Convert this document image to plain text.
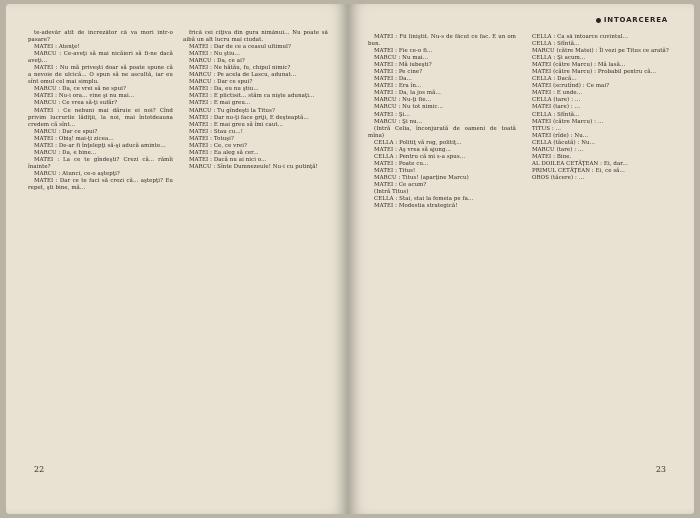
te-adevăr atît de încrezător că va mori într-o pasare?

MATEI : Atenţe!

MARCU : Ce-aveţi să mai nicăieri să fi-ne dacă aveţi...

MATEI : Nu mă priveşti doar să poate spune că a nevoie de ulcică... O spun să ne ascultă, iar eu sînt omul cel mai simplu.

MARCU : Da, ce vrei să ne spui?

MATEI : Nu-i ora... vine şi nu mai...

MARCU : Ce vrea să-ţi sufăr?

MATEI : Ce nebuni mai dăruie ei noi? Cînd privim lucrurile lădiţii, la noi, mai întotdeauna credem că sînt...

MARCU : Dar ce spui?

MATEI : Obiş! mai-ţi zicea...

MATEI : De-ar fi înţelepţi să-şi aducă aminte...

MARCU : Da, e bine...

MATEI : La ce te gîndeşti? Crezi că... rămîi înainte?

MARCU : Atunci, ce-o aştepţi?

MATEI : Dar ce te faci să crezi că... aştepţi? Eu repet, şti bine, mă...

frică cei cîţiva din gura nimănui... Nu poate să aibă un alt lucru mai ciudat.

MATEI : Dar de ce a ceasul ultimul?

MATEI : Nu ştiu...

MARCU : Da, ce ai?

MATEI : Ne hătău, fu, chipul nimic?

MARCU : Pe acela de Lascu, adunat...

MARCU : Dar ce spui?

MATEI : Da, eu nu ştiu...

MATEI : E plictisit... stăm ca nişte adunaţi...

MATEI : E mai greu...

MARCU : Tu gîndeşti la Titus?

MATEI : Dar nu-ţi face griji, E deşteaptă...

MATEI : E mai greu să îmi caut...

MATEI : Stau cu...!

MATEI : Totuşi?

MATEI : Ce, ce vrei?

MATEI : Ea aleg să cer...

MATEI : Dacă nu ai nici o...

MARCU : Sînte Dumnezeule! Nu-i cu putinţă!

22
INTOARCEREA

MATEI : Fii liniştit. Nu-s de făcut ce fac. E un om bun.

MATEI : Fie ce-o fi...

MARCU : Nu mai...

MATEI : Mă iubeşti?

MATEI : Pe cine?

MATEI : Da...

MATEI : Era în...

MATEI : Da, la jos mă...

MARCU : Nu-ţi fie...

MARCU : Nu tot nimic...

MATEI : Şi...

MARCU : Şi nu...

(Intră Celia, înconjurată de oameni de toată mîna)

CELLA : Politiţ vă rog, politiţ...

MATEI : Aş vrea să ajung...

CELLA : Pentru că mi s-a spus...

MATEI : Poate cu...

MATEI : Titus!

MARCU : Titus! (aparţine Marcu)

MATEI : Ce acum?

(Intră Titus)

CELLA : Stai, stai la femeia pe fa...

MATEI : Modestia strategică!

CELLA : Ca să întoarce cuvîntul...

CELLA : Sfîntă...

MARCU (către Matei) : Îl vezi pe Titus ce arată?

CELLA : Şi acum...

MATEI (către Marcu) : Mă lasă...

MATEI (către Marcu) : Probabil pentru că...

CELLA : Dacă...

MATEI (scrutînd) : Ce mai?

MATEI : E unde...

CELLA (tare) : ...

MATEI (tare) : ...

CELLA : Sfîntă...

MATEI (către Marcu) : ...

TITUS : ...

MATEI (rîde) : Nu...

CELLA (tăcută) : Nu...

MARCU (tare) : ...

MATEI : Bine.

AL DOILEA CETĂŢEAN : Ei, dar...

PRIMUL CETĂŢEAN : Ei, ce să...

OROS (tăcere) : ...

23
